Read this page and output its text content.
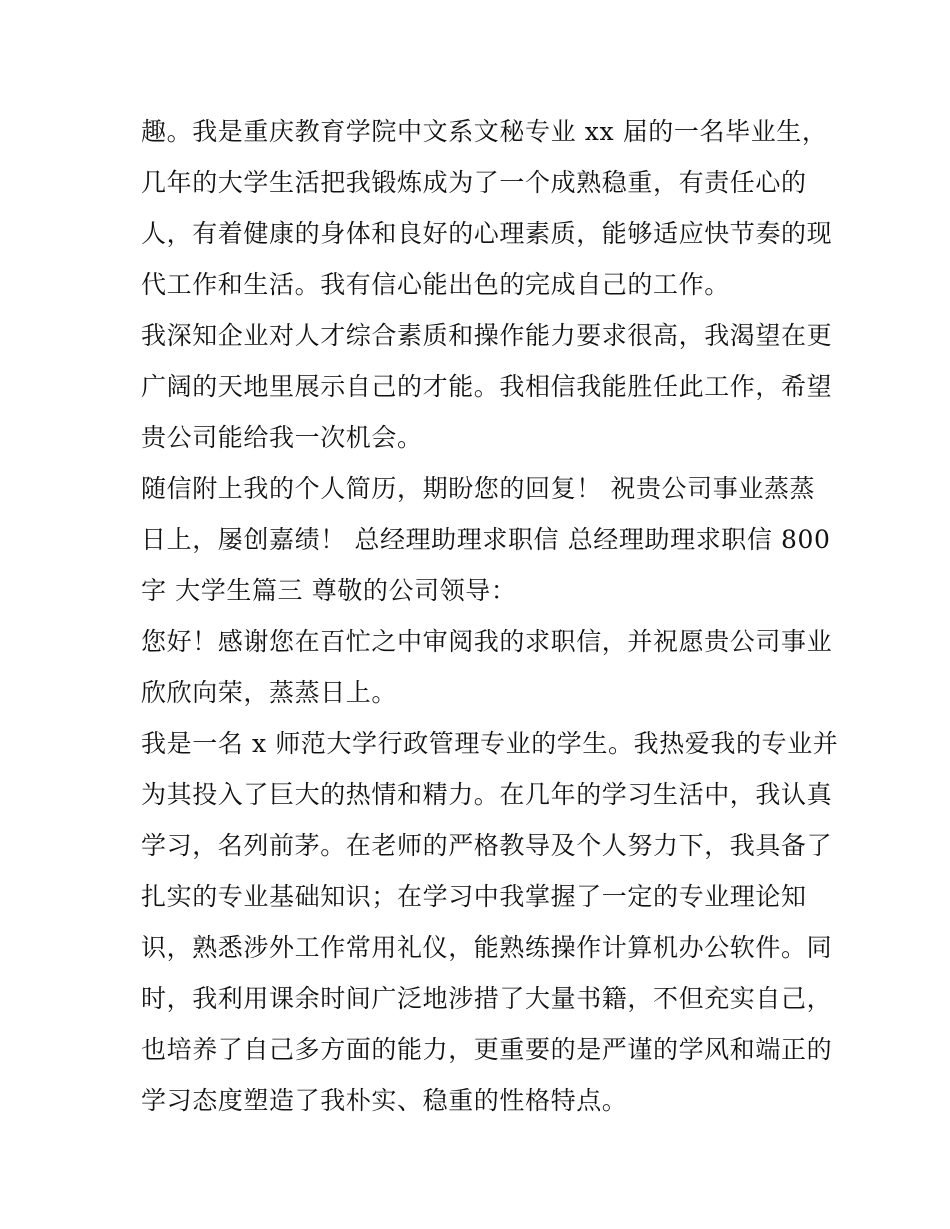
趣。我是重庆教育学院中文系文秘专业 xx 届的一名毕业生，
几年的大学生活把我锻炼成为了一个成熟稳重，有责任心的
人，有着健康的身体和良好的心理素质，能够适应快节奏的现
代工作和生活。我有信心能出色的完成自己的工作。
我深知企业对人才综合素质和操作能力要求很高，我渴望在更
广阔的天地里展示自己的才能。我相信我能胜任此工作，希望
贵公司能给我一次机会。
随信附上我的个人简历，期盼您的回复！ 祝贵公司事业蒸蒸
日上，屡创嘉绩！ 总经理助理求职信 总经理助理求职信 800
字 大学生篇三 尊敬的公司领导：
您好！感谢您在百忙之中审阅我的求职信，并祝愿贵公司事业
欣欣向荣，蒸蒸日上。
我是一名 x 师范大学行政管理专业的学生。我热爱我的专业并
为其投入了巨大的热情和精力。在几年的学习生活中，我认真
学习，名列前茅。在老师的严格教导及个人努力下，我具备了
扎实的专业基础知识；在学习中我掌握了一定的专业理论知
识，熟悉涉外工作常用礼仪，能熟练操作计算机办公软件。同
时，我利用课余时间广泛地涉措了大量书籍，不但充实自己，
也培养了自己多方面的能力，更重要的是严谨的学风和端正的
学习态度塑造了我朴实、稳重的性格特点。
